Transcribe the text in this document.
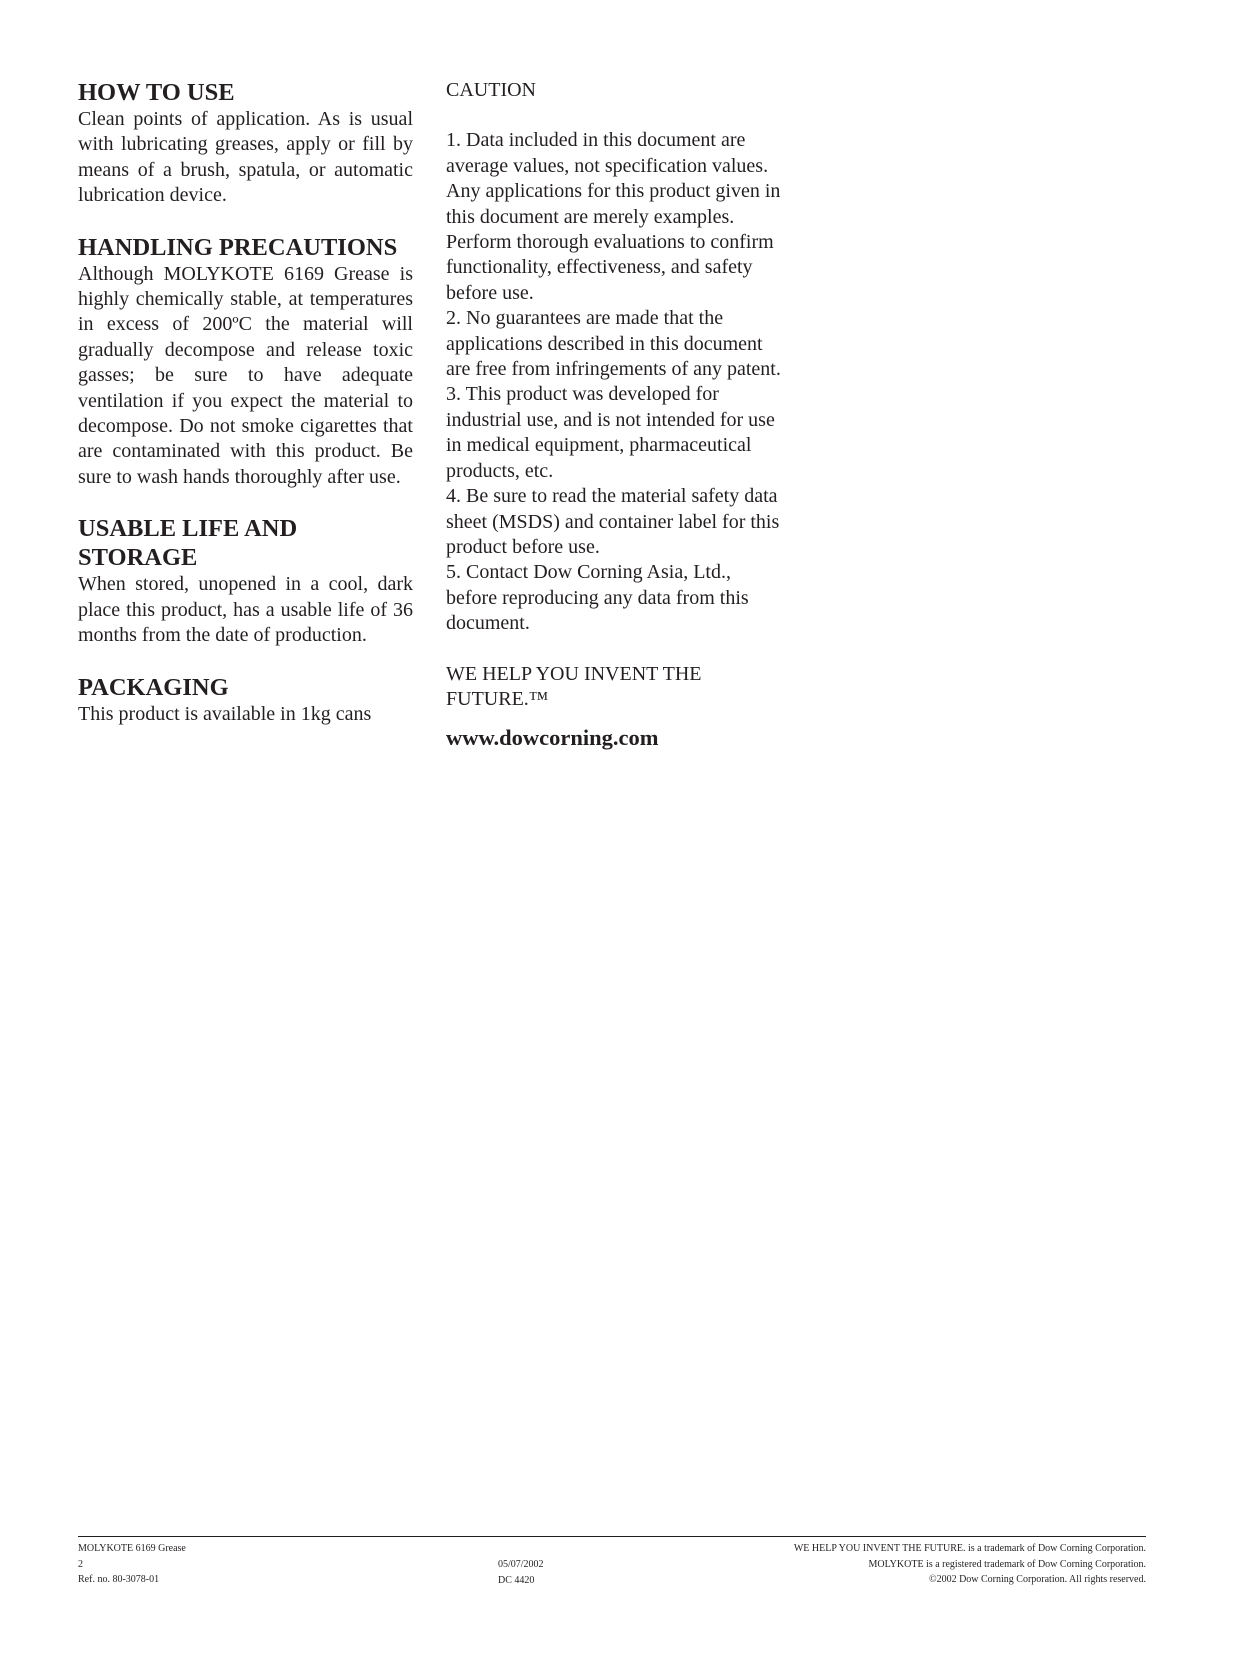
HOW TO USE

Clean points of application. As is usual with lubricating greases, apply or fill by means of a brush, spatula, or automatic lubrication device.

HANDLING PRECAUTIONS

Although MOLYKOTE 6169 Grease is highly chemically stable, at temperatures in excess of 200ºC the material will gradually decompose and release toxic gasses; be sure to have adequate ventilation if you expect the material to decompose. Do not smoke cigarettes that are contaminated with this product. Be sure to wash hands thoroughly after use.

USABLE LIFE AND STORAGE

When stored, unopened in a cool, dark place this product, has a usable life of 36 months from the date of production.

PACKAGING

This product is available in 1kg cans

CAUTION

1. Data included in this document are average values, not specification values. Any applications for this product given in this document are merely examples. Perform thorough evaluations to confirm functionality, effectiveness, and safety before use.

2. No guarantees are made that the applications described in this document are free from infringements of any patent.

3. This product was developed for industrial use, and is not intended for use in medical equipment, pharmaceutical products, etc.

4. Be sure to read the material safety data sheet (MSDS) and container label for this product before use.

5. Contact Dow Corning Asia, Ltd., before reproducing any data from this document.

WE HELP YOU INVENT THE FUTURE.™

www.dowcorning.com

MOLYKOTE 6169 Grease
2
Ref. no. 80-3078-01
05/07/2002
DC 4420
WE HELP YOU INVENT THE FUTURE. is a trademark of Dow Corning Corporation.
MOLYKOTE is a registered trademark of Dow Corning Corporation.
©2002 Dow Corning Corporation. All rights reserved.
